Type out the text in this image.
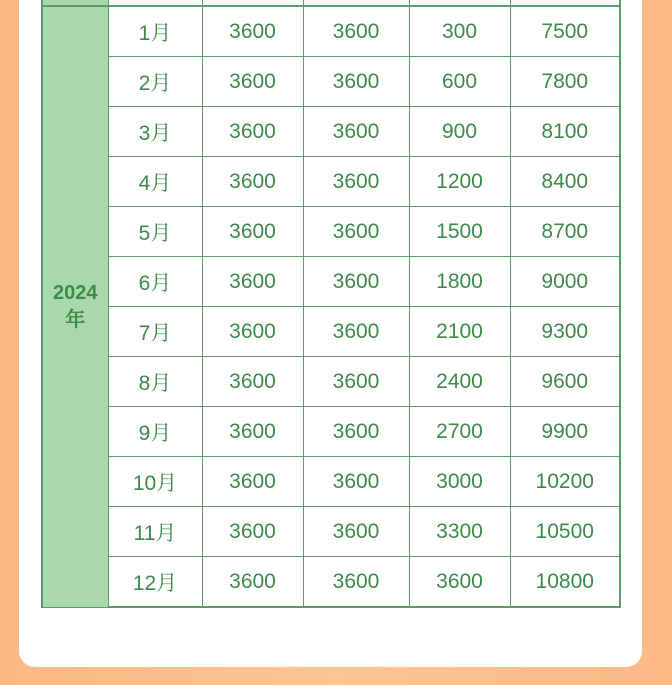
2024
年	1月	3600	3600	300	7500
	2月	3600	3600	600	7800
	3月	3600	3600	900	8100
	4月	3600	3600	1200	8400
	5月	3600	3600	1500	8700
	6月	3600	3600	1800	9000
	7月	3600	3600	2100	9300
	8月	3600	3600	2400	9600
	9月	3600	3600	2700	9900
	10月	3600	3600	3000	10200
	11月	3600	3600	3300	10500
	12月	3600	3600	3600	10800
